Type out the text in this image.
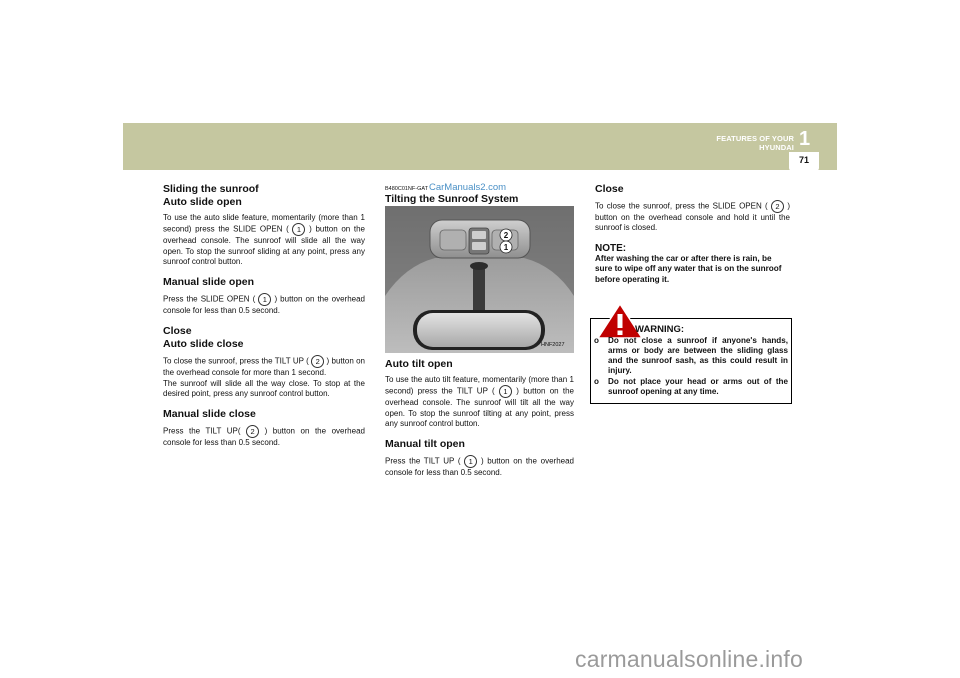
FEATURES OF YOUR HYUNDAI 1
71
Sliding the sunroof
Auto slide open

To use the auto slide feature, momentarily (more than 1 second) press the SLIDE OPEN ( 1 ) button on the overhead console. The sunroof will slide all the way open. To stop the sunroof sliding at any point, press any sunroof control button.

Manual slide open

Press the SLIDE OPEN ( 1 ) button on the overhead console for less than 0.5 second.

Close
Auto slide close

To close the sunroof, press the TILT UP ( 2 ) button on the overhead console for more than 1 second.

The sunroof will slide all the way close. To stop at the desired point, press any sunroof control button.

Manual slide close

Press the TILT UP( 2 ) button on the overhead console for less than 0.5 second.

B480C01NF-GATCarManuals2.com
Tilting the Sunroof System
2
1
HNF2027
Auto tilt open

To use the auto tilt feature, momentarily (more than 1 second) press the TILT UP ( 1 ) button on the overhead console. The sunroof will tilt all the way open. To stop the sunroof tilting at any point, press any sunroof control button.

Manual tilt open

Press the TILT UP ( 1 ) button on the overhead console for less than 0.5 second.

Close

To close the sunroof, press the SLIDE OPEN ( 2 ) button on the overhead console and hold it until the sunroof is closed.

NOTE:
After washing the car or after there is rain, be sure to wipe off any water that is on the sunroof before operating it.
WARNING:
o	Do not close a sunroof if anyone's hands, arms or body are between the sliding glass and the sunroof sash, as this could result in injury.
o	Do not place your head or arms out of the sunroof opening at any time.
carmanualsonline.info
